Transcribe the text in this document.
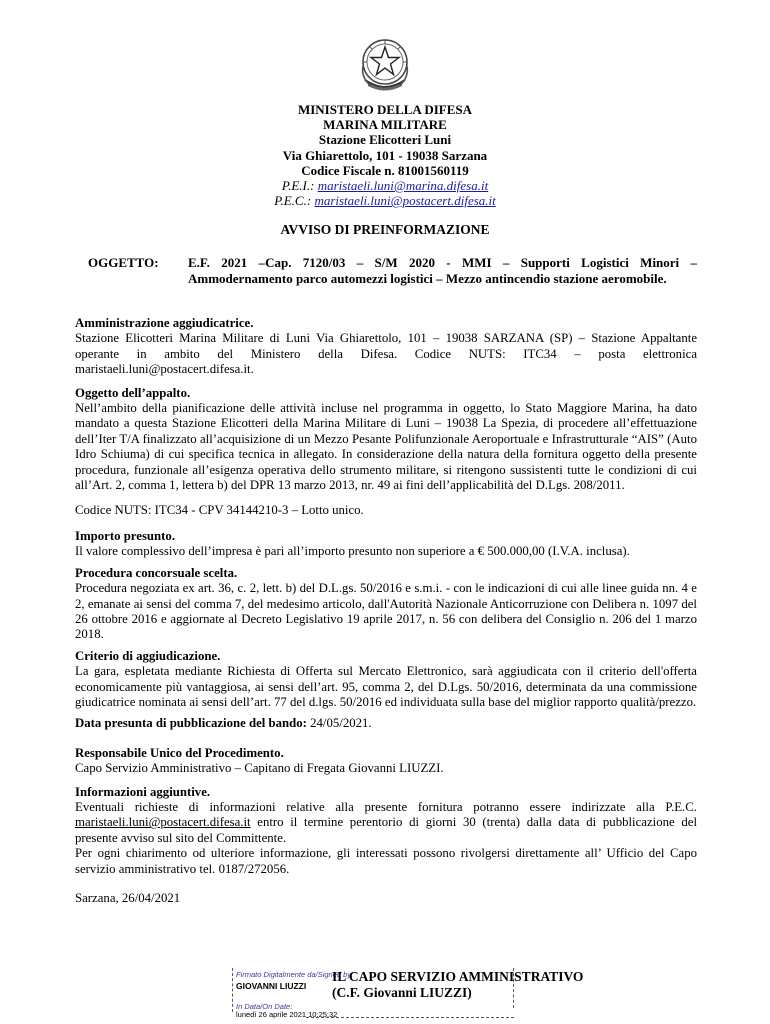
MINISTERO DELLA DIFESA
MARINA MILITARE
Stazione Elicotteri Luni
Via Ghiarettolo, 101 - 19038 Sarzana
Codice Fiscale n. 81001560119
P.E.I.: maristaeli.luni@marina.difesa.it
P.E.C.: maristaeli.luni@postacert.difesa.it
AVVISO DI PREINFORMAZIONE
OGGETTO: E.F. 2021 –Cap. 7120/03 – S/M 2020 - MMI – Supporti Logistici Minori – Ammodernamento parco automezzi logistici – Mezzo antincendio stazione aeromobile.
Amministrazione aggiudicatrice.

Stazione Elicotteri Marina Militare di Luni Via Ghiarettolo, 101 – 19038 SARZANA (SP) – Stazione Appaltante operante in ambito del Ministero della Difesa. Codice NUTS: ITC34 – posta elettronica maristaeli.luni@postacert.difesa.it.

Oggetto dell’appalto.

Nell’ambito della pianificazione delle attività incluse nel programma in oggetto, lo Stato Maggiore Marina, ha dato mandato a questa Stazione Elicotteri della Marina Militare di Luni – 19038 La Spezia, di procedere all’effettuazione dell’Iter T/A finalizzato all’acquisizione di un Mezzo Pesante Polifunzionale Aeroportuale e Infrastrutturale “AIS” (Auto Idro Schiuma) di cui specifica tecnica in allegato. In considerazione della natura della fornitura oggetto della presente procedura, funzionale all’esigenza operativa dello strumento militare, si ritengono sussistenti tutte le condizioni di cui all’Art. 2, comma 1, lettera b) del DPR 13 marzo 2013, nr. 49 ai fini dell’applicabilità del D.Lgs. 208/2011.

Codice NUTS: ITC34 - CPV 34144210-3 – Lotto unico.

Importo presunto.

Il valore complessivo dell’impresa è pari all’importo presunto non superiore a € 500.000,00 (I.V.A. inclusa).

Procedura concorsuale scelta.

Procedura negoziata ex art. 36, c. 2, lett. b) del D.L.gs. 50/2016 e s.m.i. - con le indicazioni di cui alle linee guida nn. 4 e 2, emanate ai sensi del comma 7, del medesimo articolo, dall'Autorità Nazionale Anticorruzione con Delibera n. 1097 del 26 ottobre 2016 e aggiornate al Decreto Legislativo 19 aprile 2017, n. 56 con delibera del Consiglio n. 206 del 1 marzo 2018.

Criterio di aggiudicazione.

La gara, espletata mediante Richiesta di Offerta sul Mercato Elettronico, sarà aggiudicata con il criterio dell'offerta economicamente più vantaggiosa, ai sensi dell’art. 95, comma 2, del D.Lgs. 50/2016, determinata da una commissione giudicatrice nominata ai sensi dell’art. 77 del d.lgs. 50/2016 ed individuata sulla base del miglior rapporto qualità/prezzo.

Data presunta di pubblicazione del bando: 24/05/2021.

Responsabile Unico del Procedimento.

Capo Servizio Amministrativo – Capitano di Fregata Giovanni LIUZZI.

Informazioni aggiuntive.

Eventuali richieste di informazioni relative alla presente fornitura potranno essere indirizzate alla P.E.C. maristaeli.luni@postacert.difesa.it entro il termine perentorio di giorni 30 (trenta) dalla data di pubblicazione del presente avviso sul sito del Committente.

Per ogni chiarimento od ulteriore informazione, gli interessati possono rivolgersi direttamente all’ Ufficio del Capo servizio amministrativo tel. 0187/272056.

Sarzana, 26/04/2021

Firmato Digitalmente da/Signed by:
GIOVANNI LIUZZI
In Data/On Date:
lunedì 26 aprile 2021 10:25:32
IL CAPO SERVIZIO AMMINISTRATIVO
(C.F. Giovanni LIUZZI)
